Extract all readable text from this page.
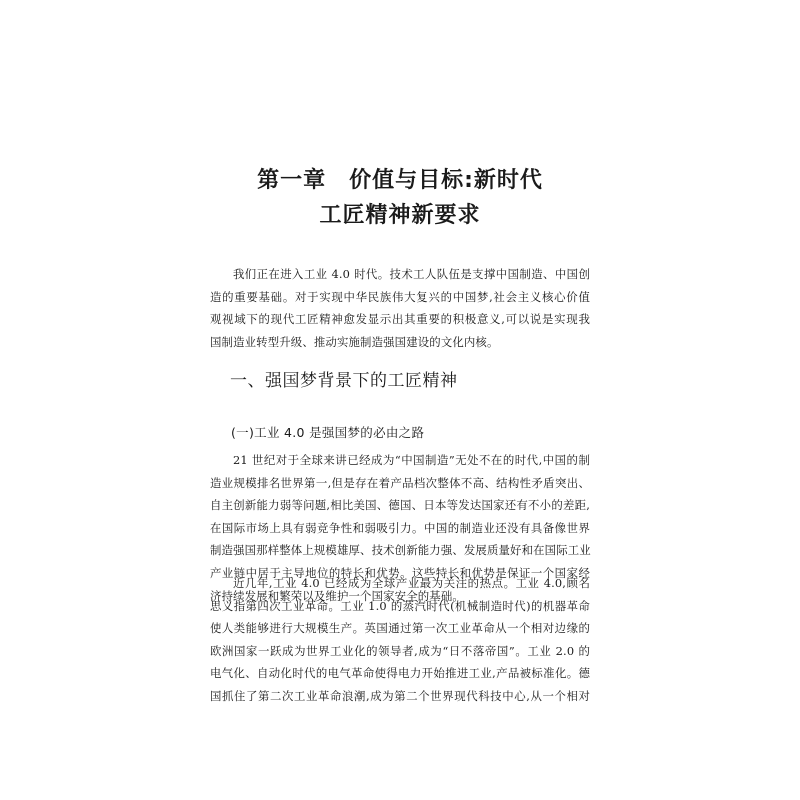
第一章　价值与目标:新时代
工匠精神新要求
我们正在进入工业 4.0 时代。技术工人队伍是支撑中国制造、中国创
造的重要基础。对于实现中华民族伟大复兴的中国梦,社会主义核心价值
观视域下的现代工匠精神愈发显示出其重要的积极意义,可以说是实现我
国制造业转型升级、推动实施制造强国建设的文化内核。
一、强国梦背景下的工匠精神
(一)工业 4.0 是强国梦的必由之路
21 世纪对于全球来讲已经成为“中国制造”无处不在的时代,中国的制
造业规模排名世界第一,但是存在着产品档次整体不高、结构性矛盾突出、
自主创新能力弱等问题,相比美国、德国、日本等发达国家还有不小的差距,
在国际市场上具有弱竞争性和弱吸引力。中国的制造业还没有具备像世界
制造强国那样整体上规模雄厚、技术创新能力强、发展质量好和在国际工业
产业链中居于主导地位的特长和优势。这些特长和优势是保证一个国家经
济持续发展和繁荣以及维护一个国家安全的基础。
近几年,工业 4.0 已经成为全球产业最为关注的热点。工业 4.0,顾名
思义指第四次工业革命。工业 1.0 的蒸汽时代(机械制造时代)的机器革命
使人类能够进行大规模生产。英国通过第一次工业革命从一个相对边缘的
欧洲国家一跃成为世界工业化的领导者,成为“日不落帝国”。工业 2.0 的
电气化、自动化时代的电气革命使得电力开始推进工业,产品被标准化。德
国抓住了第二次工业革命浪潮,成为第二个世界现代科技中心,从一个相对
